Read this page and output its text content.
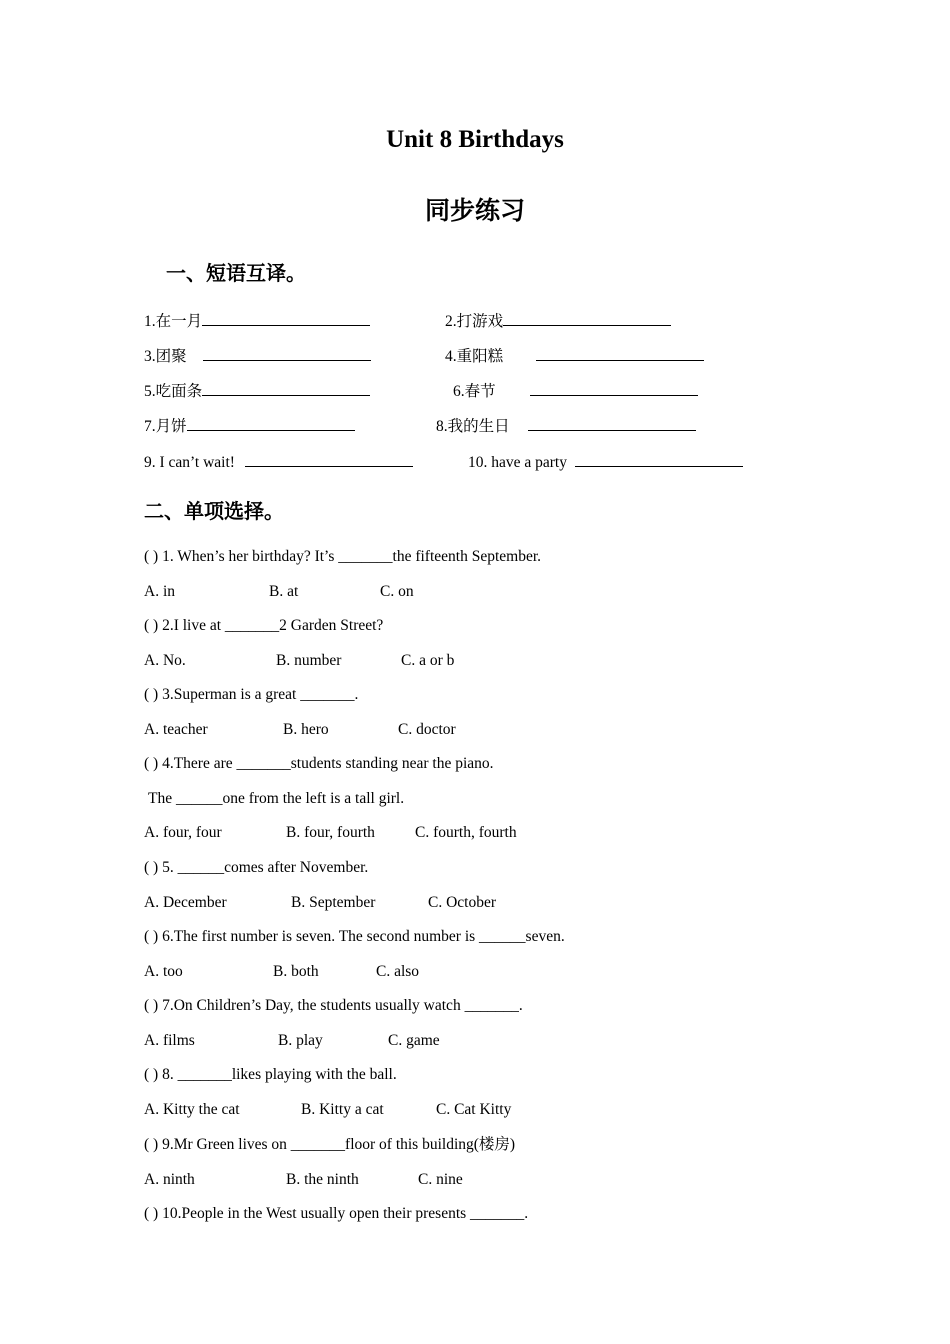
Unit 8 Birthdays
同步练习
一、短语互译。
1.在一月	2.打游戏
3.团聚	4.重阳糕
5.吃面条	6.春节
7.月饼	8.我的生日
9. I can’t wait!	10. have a party
二、单项选择。
( ) 1. When’s her birthday? It’s _______the fifteenth September.
A. in	B. at	C. on
( ) 2.I live at _______2 Garden Street?
A. No.	B. number	C. a or b
( ) 3.Superman is a great _______.
A. teacher	B. hero	C. doctor
( ) 4.There are _______students standing near the piano.
The ______one from the left is a tall girl.
A. four, four	B. four, fourth	C. fourth, fourth
( ) 5. ______comes after November.
A. December	B. September	C. October
( ) 6.The first number is seven. The second number is ______seven.
A. too	B. both	C. also
( ) 7.On Children’s Day, the students usually watch _______.
A. films	B. play	C. game
( ) 8. _______likes playing with the ball.
A. Kitty the cat	B. Kitty a cat	C. Cat Kitty
( ) 9.Mr Green lives on _______floor of this building(楼房)
A. ninth	B. the ninth	C. nine
( ) 10.People in the West usually open their presents _______.
